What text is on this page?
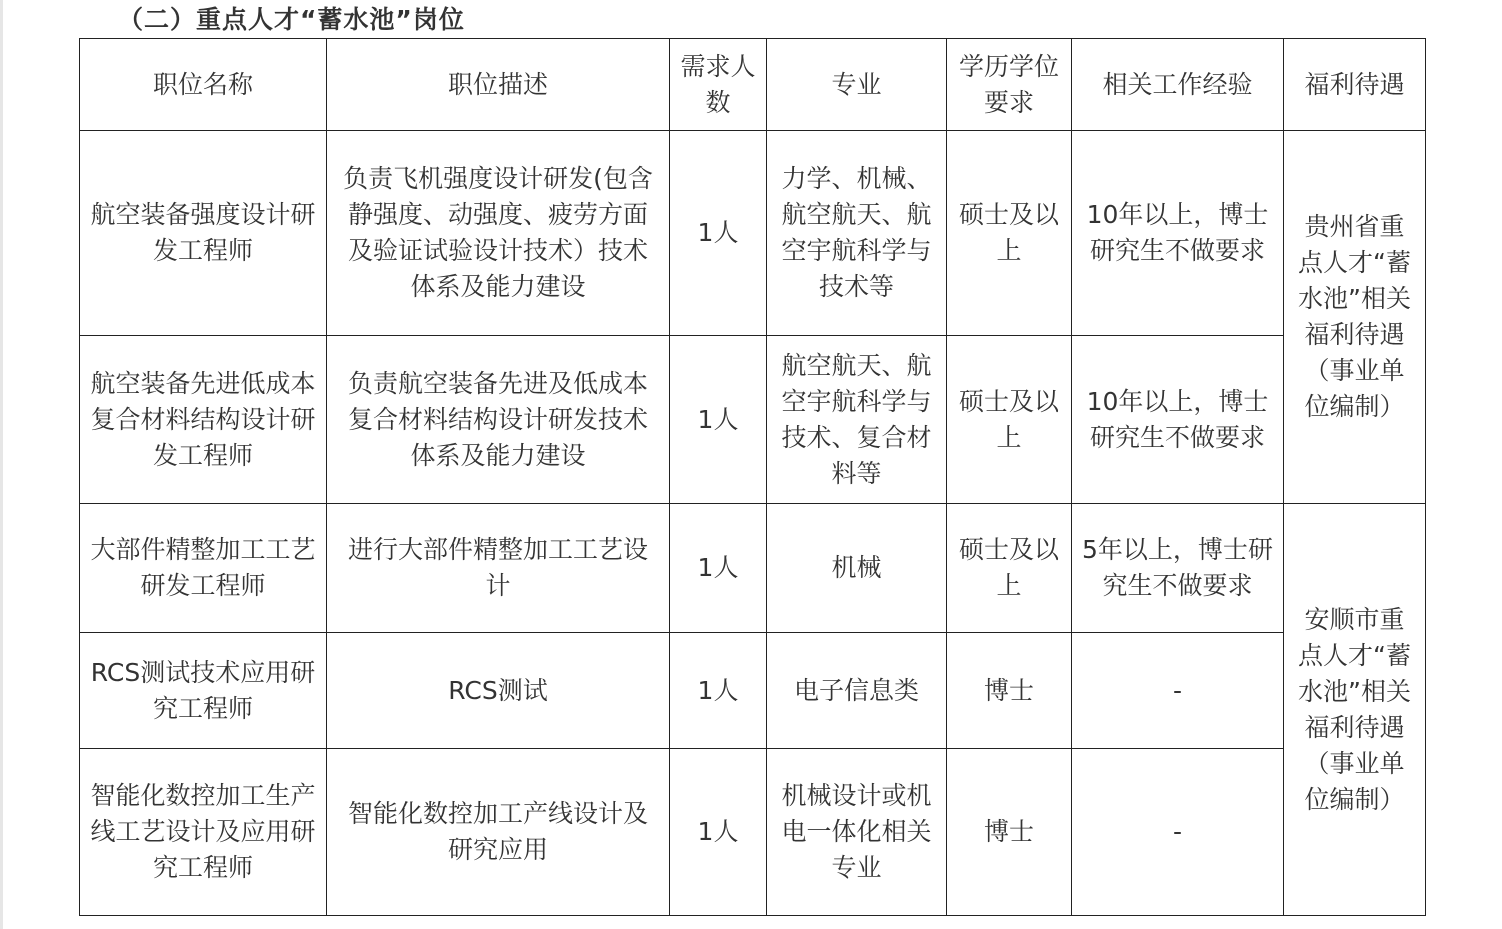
（二）重点人才“蓄水池”岗位
职位名称	职位描述	需求人数	专业	学历学位要求	相关工作经验	福利待遇
航空装备强度设计研发工程师	负责飞机强度设计研发(包含静强度、动强度、疲劳方面及验证试验设计技术）技术体系及能力建设	1人	力学、机械、航空航天、航空宇航科学与技术等	硕士及以上	10年以上，博士研究生不做要求	贵州省重点人才“蓄水池”相关福利待遇（事业单位编制）
航空装备先进低成本复合材料结构设计研发工程师	负责航空装备先进及低成本复合材料结构设计研发技术体系及能力建设	1人	航空航天、航空宇航科学与技术、复合材料等	硕士及以上	10年以上，博士研究生不做要求	
大部件精整加工工艺研发工程师	进行大部件精整加工工艺设计	1人	机械	硕士及以上	5年以上，博士研究生不做要求	安顺市重点人才“蓄水池”相关福利待遇（事业单位编制）
RCS测试技术应用研究工程师	RCS测试	1人	电子信息类	博士	-	
智能化数控加工生产线工艺设计及应用研究工程师	智能化数控加工产线设计及研究应用	1人	机械设计或机电一体化相关专业	博士	-	
